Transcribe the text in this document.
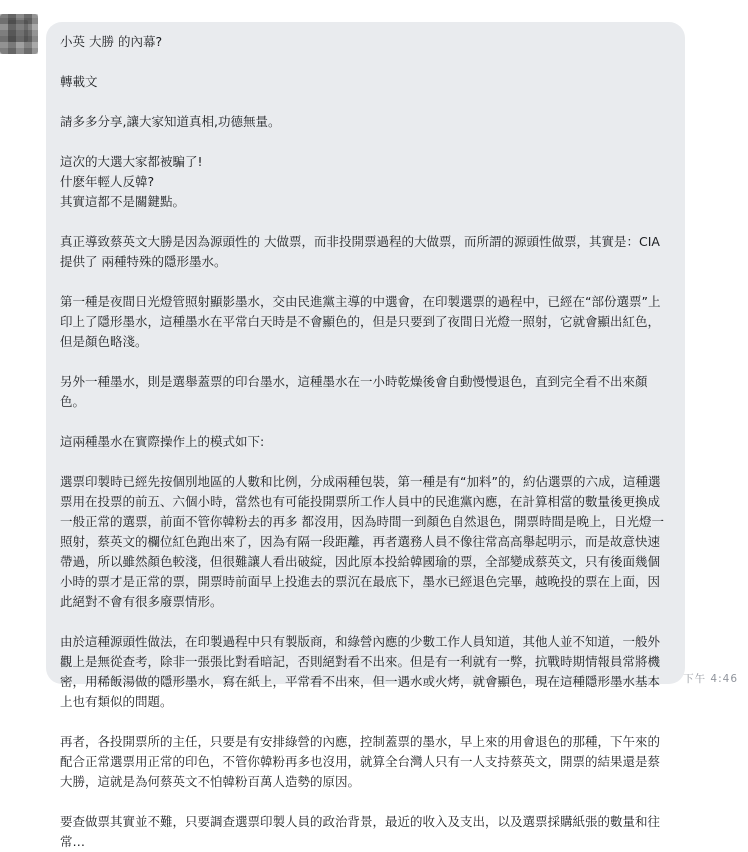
小英 大勝 的內幕?

轉載文

請多多分享,讓大家知道真相,功德無量。

這次的大選大家都被騙了!
什麽年輕人反韓?
其實這都不是關鍵點。

真正導致蔡英文大勝是因為源頭性的 大做票，而非投開票過程的大做票，而所謂的源頭性做票，其實是：CIA提供了 兩種特殊的隱形墨水。

第一種是夜間日光燈管照射顯影墨水，交由民進黨主導的中選會，在印製選票的過程中，已經在“部份選票”上印上了隱形墨水，這種墨水在平常白天時是不會顯色的，但是只要到了夜間日光燈一照射，它就會顯出紅色，但是顏色略淺。

另外一種墨水，則是選舉蓋票的印台墨水，這種墨水在一小時乾燥後會自動慢慢退色，直到完全看不出來顏色。

這兩種墨水在實際操作上的模式如下:

選票印製時已經先按個別地區的人數和比例，分成兩種包裝，第一種是有“加料”的，約佔選票的六成，這種選票用在投票的前五、六個小時，當然也有可能投開票所工作人員中的民進黨內應，在計算相當的數量後更換成一般正常的選票，前面不管你韓粉去的再多 都沒用，因為時間一到顏色自然退色，開票時間是晚上，日光燈一照射，蔡英文的欄位紅色跑出來了，因為有隔一段距離，再者選務人員不像往常高高舉起明示，而是故意快速帶過，所以雖然顏色較淺，但很難讓人看出破綻，因此原本投給韓國瑜的票，全部變成蔡英文，只有後面幾個小時的票才是正常的票，開票時前面早上投進去的票沉在最底下，墨水已經退色完畢，越晚投的票在上面，因此絕對不會有很多廢票情形。

由於這種源頭性做法，在印製過程中只有製版商，和綠營內應的少數工作人員知道，其他人並不知道，一般外觀上是無從查考，除非一張張比對看暗記，否則絕對看不出來。但是有一利就有一弊，抗戰時期情報員常將機密，用稀飯湯做的隱形墨水，寫在紙上，平常看不出來，但一遇水或火烤，就會顯色，現在這種隱形墨水基本上也有類似的問題。

再者，各投開票所的主任，只要是有安排綠營的內應，控制蓋票的墨水，早上來的用會退色的那種，下午來的配合正常選票用正常的印色，不管你韓粉再多也沒用，就算全台灣人只有一人支持蔡英文，開票的結果還是蔡大勝，這就是為何蔡英文不怕韓粉百萬人造勢的原因。

要查做票其實並不難，只要調查選票印製人員的政治背景，最近的收入及支出，以及選票採購紙張的數量和往常…

下午 4:46
